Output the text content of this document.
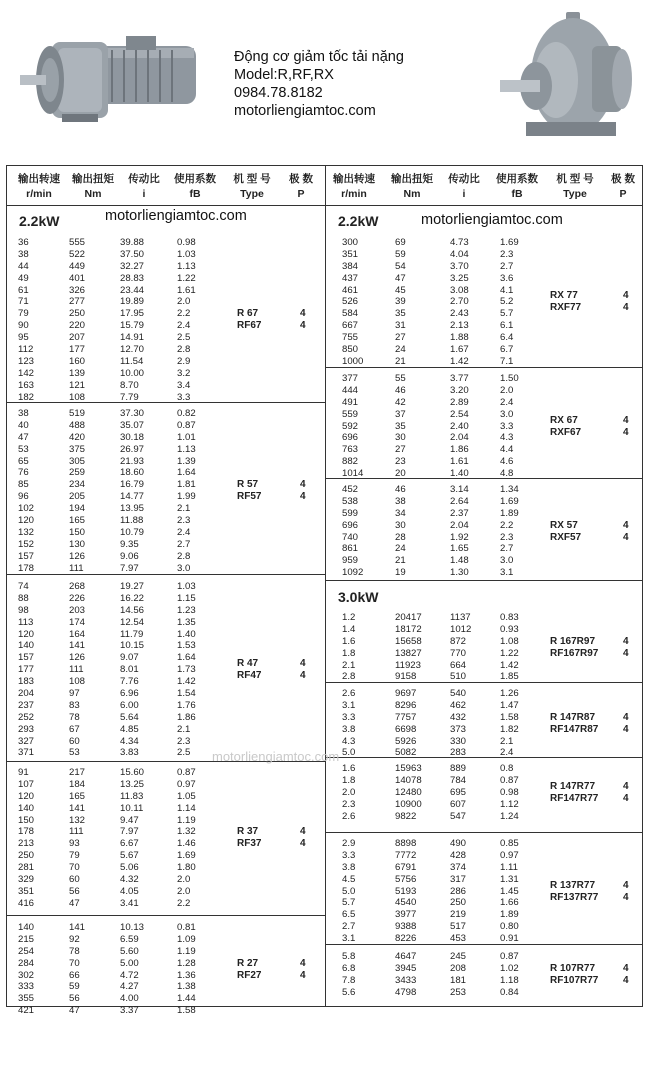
Động cơ giảm tốc tải nặng
Model:R,RF,RX
0984.78.8182
motorliengiamtoc.com
输出转速
r/min
输出扭矩
Nm
传动比
i
使用系数
fB
机 型 号
Type
极 数
P
2.2kW
36	555	39.88	0.98
38	522	37.50	1.03
44	449	32.27	1.13
49	401	28.83	1.22
61	326	23.44	1.61
71	277	19.89	2.0
79	250	17.95	2.2
90	220	15.79	2.4
95	207	14.91	2.5
112	177	12.70	2.8
123	160	11.54	2.9
142	139	10.00	3.2
163	121	8.70	3.4
182	108	7.79	3.3
R 67
RF67
4
4
38	519	37.30	0.82
40	488	35.07	0.87
47	420	30.18	1.01
53	375	26.97	1.13
65	305	21.93	1.39
76	259	18.60	1.64
85	234	16.79	1.81
96	205	14.77	1.99
102	194	13.95	2.1
120	165	11.88	2.3
132	150	10.79	2.4
152	130	9.35	2.7
157	126	9.06	2.8
178	111	7.97	3.0
R 57
RF57
4
4
74	268	19.27	1.03
88	226	16.22	1.15
98	203	14.56	1.23
113	174	12.54	1.35
120	164	11.79	1.40
140	141	10.15	1.53
157	126	9.07	1.64
177	111	8.01	1.73
183	108	7.76	1.42
204	97	6.96	1.54
237	83	6.00	1.76
252	78	5.64	1.86
293	67	4.85	2.1
327	60	4.34	2.3
371	53	3.83	2.5
R 47
RF47
4
4
91	217	15.60	0.87
107	184	13.25	0.97
120	165	11.83	1.05
140	141	10.11	1.14
150	132	9.47	1.19
178	111	7.97	1.32
213	93	6.67	1.46
250	79	5.67	1.69
281	70	5.06	1.80
329	60	4.32	2.0
351	56	4.05	2.0
416	47	3.41	2.2
R 37
RF37
4
4
140	141	10.13	0.81
215	92	6.59	1.09
254	78	5.60	1.19
284	70	5.00	1.28
302	66	4.72	1.36
333	59	4.27	1.38
355	56	4.00	1.44
421	47	3.37	1.58
R 27
RF27
4
4
输出转速
r/min
输出扭矩
Nm
传动比
i
使用系数
fB
机 型 号
Type
极 数
P
2.2kW
300	69	4.73	1.69
351	59	4.04	2.3
384	54	3.70	2.7
437	47	3.25	3.6
461	45	3.08	4.1
526	39	2.70	5.2
584	35	2.43	5.7
667	31	2.13	6.1
755	27	1.88	6.4
850	24	1.67	6.7
1000	21	1.42	7.1
RX 77
RXF77
4
4
377	55	3.77	1.50
444	46	3.20	2.0
491	42	2.89	2.4
559	37	2.54	3.0
592	35	2.40	3.3
696	30	2.04	4.3
763	27	1.86	4.4
882	23	1.61	4.6
1014	20	1.40	4.8
RX 67
RXF67
4
4
452	46	3.14	1.34
538	38	2.64	1.69
599	34	2.37	1.89
696	30	2.04	2.2
740	28	1.92	2.3
861	24	1.65	2.7
959	21	1.48	3.0
1092	19	1.30	3.1
RX 57
RXF57
4
4
3.0kW
1.2	20417	1137	0.83
1.4	18172	1012	0.93
1.6	15658	872	1.08
1.8	13827	770	1.22
2.1	11923	664	1.42
2.8	9158	510	1.85
R 167R97
RF167R97
4
4
2.6	9697	540	1.26
3.1	8296	462	1.47
3.3	7757	432	1.58
3.8	6698	373	1.82
4.3	5926	330	2.1
5.0	5082	283	2.4
R 147R87
RF147R87
4
4
1.6	15963	889	0.8
1.8	14078	784	0.87
2.0	12480	695	0.98
2.3	10900	607	1.12
2.6	9822	547	1.24
R 147R77
RF147R77
4
4
2.9	8898	490	0.85
3.3	7772	428	0.97
3.8	6791	374	1.11
4.5	5756	317	1.31
5.0	5193	286	1.45
5.7	4540	250	1.66
6.5	3977	219	1.89
2.7	9388	517	0.80
3.1	8226	453	0.91
R 137R77
RF137R77
4
4
5.8	4647	245	0.87
6.8	3945	208	1.02
7.8	3433	181	1.18
5.6	4798	253	0.84
R 107R77
RF107R77
4
4
motorliengiamtoc.com	motorliengiamtoc.com
motorliengiamtoc.com
